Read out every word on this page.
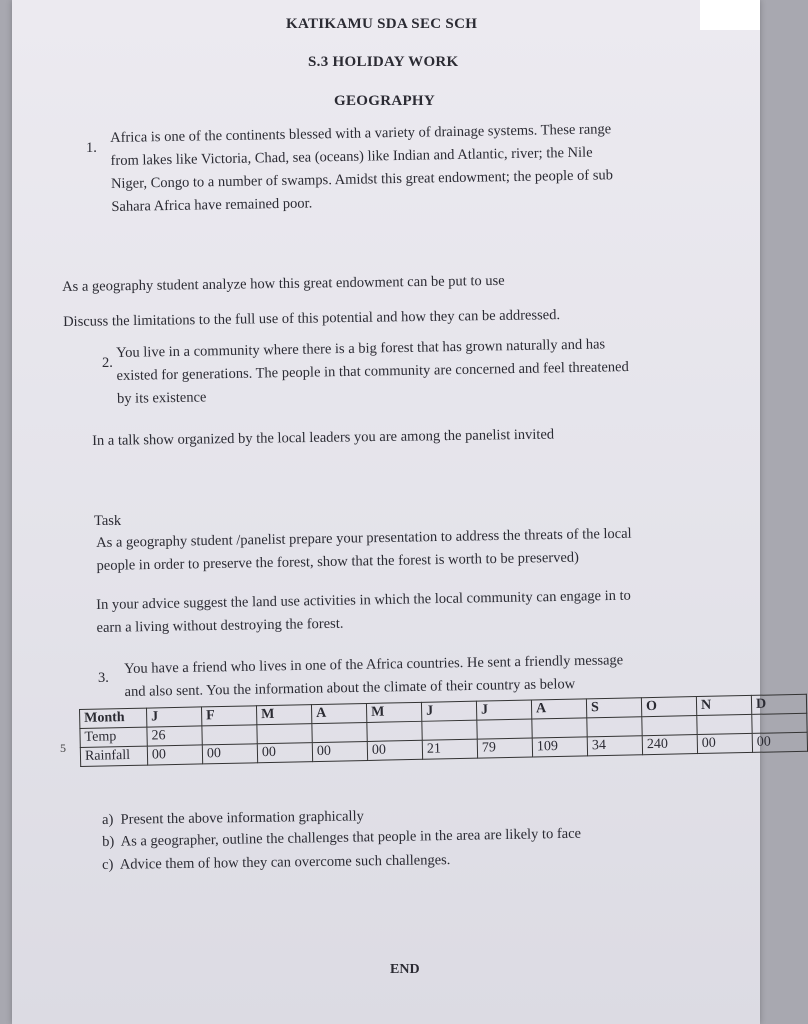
KATIKAMU SDA SEC SCH
S.3 HOLIDAY WORK
GEOGRAPHY
1.
Africa is one of the continents blessed with a variety of drainage systems. These range
from lakes like Victoria, Chad, sea (oceans) like Indian and Atlantic, river; the Nile
Niger, Congo to a number of swamps. Amidst this great endowment; the people of sub
Sahara Africa have remained poor.
As a geography student analyze how this great endowment can be put to use
Discuss the limitations to the full use of this potential and how they can be addressed.
2.
You live in a community where there is a big forest that has grown naturally and has
existed for generations. The people in that community are concerned and feel threatened
by its existence
In a talk show organized by the local leaders you are among the panelist invited
Task
As a geography student /panelist prepare your presentation to address the threats of the local
people in order to preserve the forest, show that the forest is worth to be preserved)
In your advice suggest the land use activities in which the local community can engage in to
earn a living without destroying the forest.
3.
You have a friend who lives in one of the Africa countries. He sent a friendly message
and also sent. You the information about the climate of their country as below
5
Month	J	F	M	A	M	J	J	A	S	O	N	D
Temp	26											
Rainfall	00	00	00	00	00	21	79	109	34	240	00	00
a) Present the above information graphically
b) As a geographer, outline the challenges that people in the area are likely to face
c) Advice them of how they can overcome such challenges.
END
